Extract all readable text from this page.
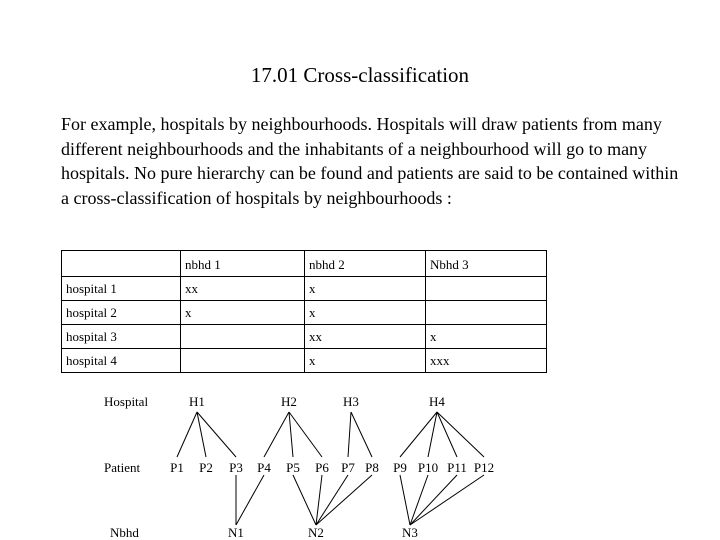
17.01 Cross-classification

For example, hospitals by neighbourhoods. Hospitals will draw patients from many different neighbourhoods and the inhabitants of a neighbourhood will go to many hospitals. No pure hierarchy can be found and patients are said to be contained within a cross-classification of hospitals by neighbourhoods :

	nbhd 1	nbhd 2	Nbhd 3
hospital 1	xx	x	
hospital 2	x	x	
hospital 3		xx	x
hospital 4		x	xxx
Hospital
Patient
Nbhd
H1	H2	H3	H4
P1 P2 P3 P4 P5 P6 P7 P8 P9 P10 P11 P12
N1	N2	N3
